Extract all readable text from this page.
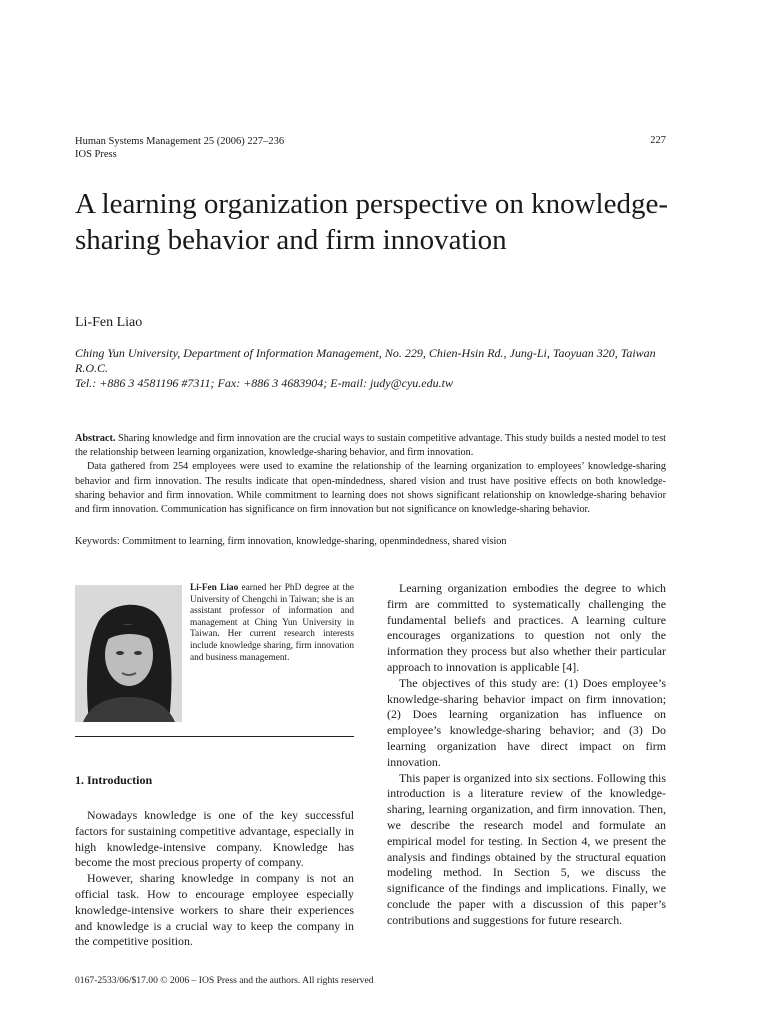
Human Systems Management 25 (2006) 227–236
IOS Press
227
A learning organization perspective on knowledge-sharing behavior and firm innovation
Li-Fen Liao
Ching Yun University, Department of Information Management, No. 229, Chien-Hsin Rd., Jung-Li, Taoyuan 320, Taiwan R.O.C.
Tel.: +886 3 4581196 #7311; Fax: +886 3 4683904; E-mail: judy@cyu.edu.tw

Abstract. Sharing knowledge and firm innovation are the crucial ways to sustain competitive advantage. This study builds a nested model to test the relationship between learning organization, knowledge-sharing behavior, and firm innovation.

Data gathered from 254 employees were used to examine the relationship of the learning organization to employees’ knowledge-sharing behavior and firm innovation. The results indicate that open-mindedness, shared vision and trust have positive effects on both knowledge-sharing behavior and firm innovation. While commitment to learning does not shows significant relationship on knowledge-sharing behavior and firm innovation. Communication has significance on firm innovation but not significance on knowledge-sharing behavior.

Keywords: Commitment to learning, firm innovation, knowledge-sharing, openmindedness, shared vision
Li-Fen Liao earned her PhD degree at the University of Chengchi in Taiwan; she is an assistant professor of information and management at Ching Yun University in Taiwan. Her current research interests include knowledge sharing, firm innovation and business management.
1. Introduction

Nowadays knowledge is one of the key successful factors for sustaining competitive advantage, especially in high knowledge-intensive company. Knowledge has become the most precious property of company.

However, sharing knowledge in company is not an official task. How to encourage employee especially knowledge-intensive workers to share their experiences and knowledge is a crucial way to keep the company in the competitive position.

Learning organization embodies the degree to which firm are committed to systematically challenging the fundamental beliefs and practices. A learning culture encourages organizations to question not only the information they process but also whether their particular approach to innovation is applicable [4].

The objectives of this study are: (1) Does employee’s knowledge-sharing behavior impact on firm innovation; (2) Does learning organization has influence on employee’s knowledge-sharing behavior; and (3) Do learning organization have direct impact on firm innovation.

This paper is organized into six sections. Following this introduction is a literature review of the knowledge-sharing, learning organization, and firm innovation. Then, we describe the research model and formulate an empirical model for testing. In Section 4, we present the analysis and findings obtained by the structural equation modeling method. In Section 5, we discuss the significance of the findings and implications. Finally, we conclude the paper with a discussion of this paper’s contributions and suggestions for future research.

0167-2533/06/$17.00 © 2006 – IOS Press and the authors. All rights reserved
